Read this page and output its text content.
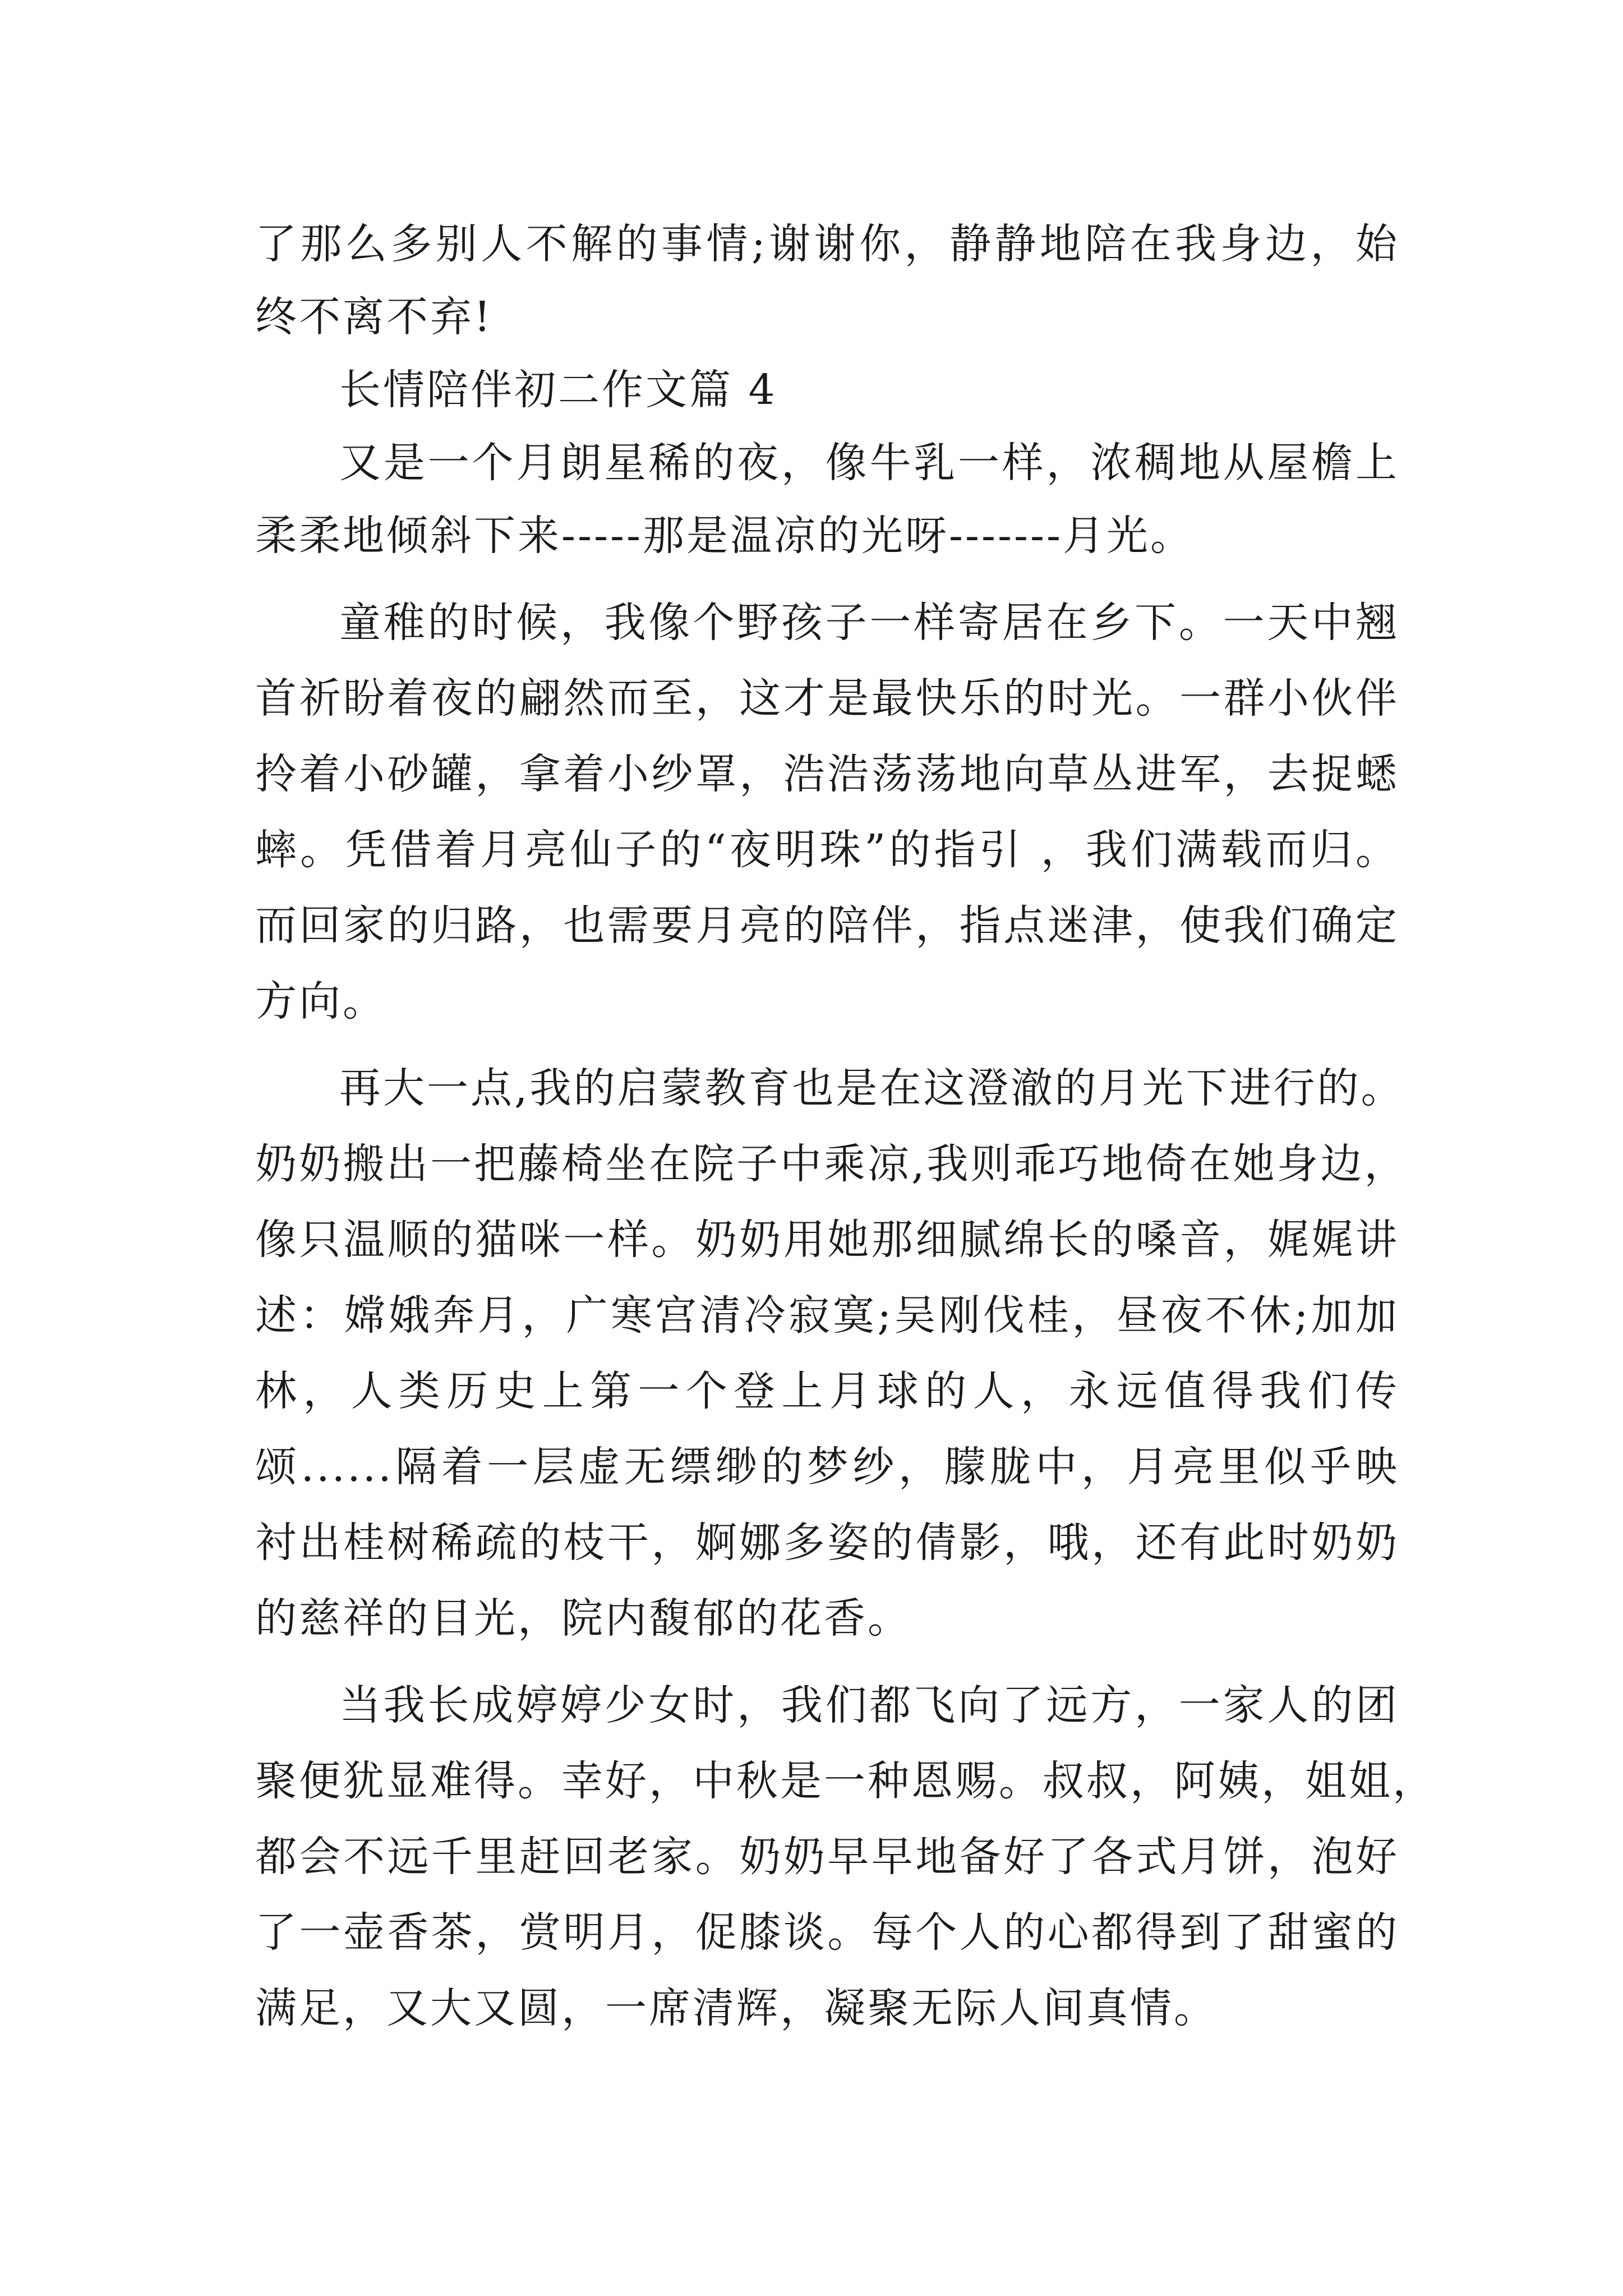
了那么多别人不解的事情;谢谢你，静静地陪在我身边，始
终不离不弃!
长情陪伴初二作文篇 4
又是一个月朗星稀的夜，像牛乳一样，浓稠地从屋檐上
柔柔地倾斜下来-----那是温凉的光呀-------月光。
童稚的时候，我像个野孩子一样寄居在乡下。一天中翘
首祈盼着夜的翩然而至，这才是最快乐的时光。一群小伙伴
拎着小砂罐，拿着小纱罩，浩浩荡荡地向草丛进军，去捉蟋
蟀。凭借着月亮仙子的“夜明珠”的指引 ，我们满载而归。
而回家的归路，也需要月亮的陪伴，指点迷津，使我们确定
方向。
再大一点,我的启蒙教育也是在这澄澈的月光下进行的。
奶奶搬出一把藤椅坐在院子中乘凉,我则乖巧地倚在她身边，
像只温顺的猫咪一样。奶奶用她那细腻绵长的嗓音，娓娓讲
述：嫦娥奔月，广寒宫清冷寂寞;吴刚伐桂，昼夜不休;加加
林，人类历史上第一个登上月球的人，永远值得我们传
颂......隔着一层虚无缥缈的梦纱，朦胧中，月亮里似乎映
衬出桂树稀疏的枝干，婀娜多姿的倩影，哦，还有此时奶奶
的慈祥的目光，院内馥郁的花香。
当我长成婷婷少女时，我们都飞向了远方，一家人的团
聚便犹显难得。幸好，中秋是一种恩赐。叔叔，阿姨，姐姐，
都会不远千里赶回老家。奶奶早早地备好了各式月饼，泡好
了一壶香茶，赏明月，促膝谈。每个人的心都得到了甜蜜的
满足，又大又圆，一席清辉，凝聚无际人间真情。
